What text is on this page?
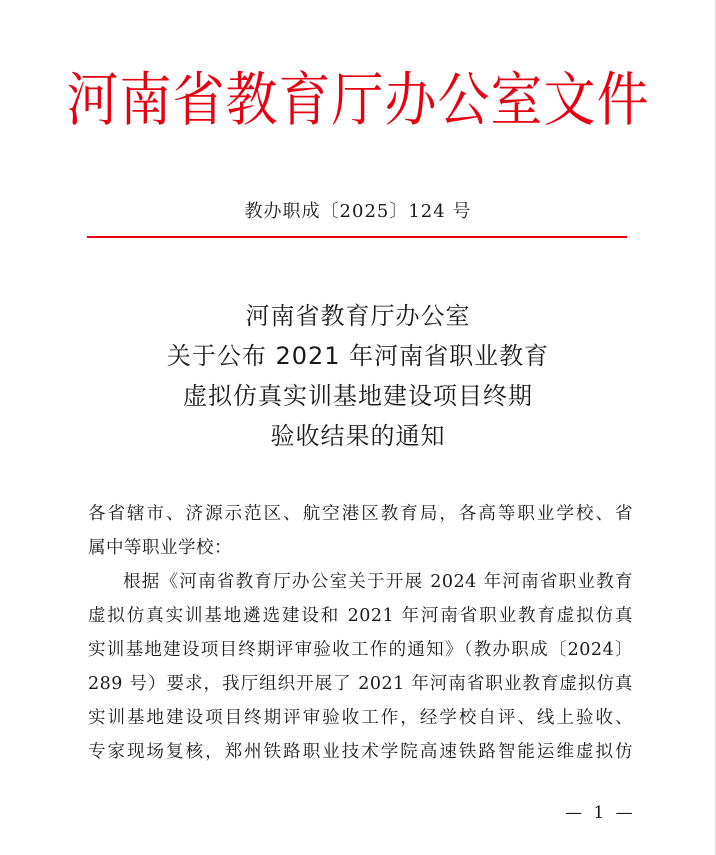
河南省教育厅办公室文件
教办职成〔2025〕124 号
河南省教育厅办公室
关于公布 2021 年河南省职业教育
虚拟仿真实训基地建设项目终期
验收结果的通知
各省辖市、济源示范区、航空港区教育局，各高等职业学校、省
属中等职业学校：
根据《河南省教育厅办公室关于开展 2024 年河南省职业教育
虚拟仿真实训基地遴选建设和 2021 年河南省职业教育虚拟仿真
实训基地建设项目终期评审验收工作的通知》（教办职成〔2024〕
289 号）要求，我厅组织开展了 2021 年河南省职业教育虚拟仿真
实训基地建设项目终期评审验收工作，经学校自评、线上验收、
专家现场复核，郑州铁路职业技术学院高速铁路智能运维虚拟仿
— 1 —
